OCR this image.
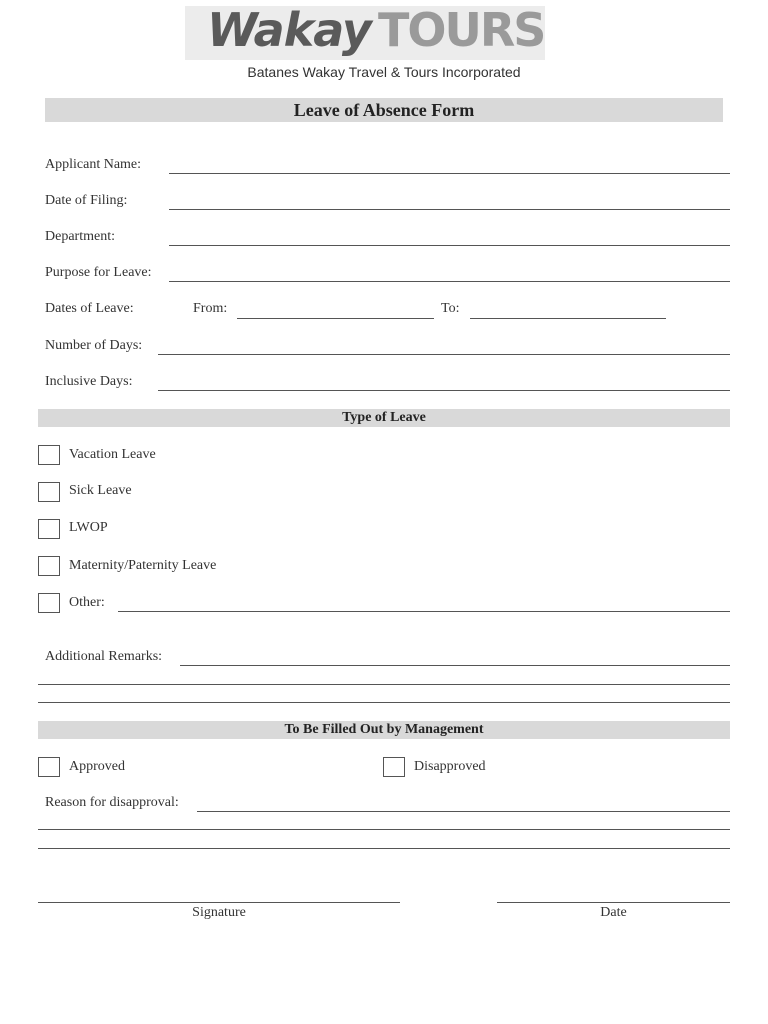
Wakay TOURS
Batanes Wakay Travel & Tours Incorporated
Leave of Absence Form
Applicant Name:
Date of Filing:
Department:
Purpose for Leave:
Dates of Leave:	From:	To:
Number of Days:
Inclusive Days:
Type of Leave
Vacation Leave
Sick Leave
LWOP
Maternity/Paternity Leave
Other:
Additional Remarks:
To Be Filled Out by Management
Approved	Disapproved
Reason for disapproval:
Signature	Date
